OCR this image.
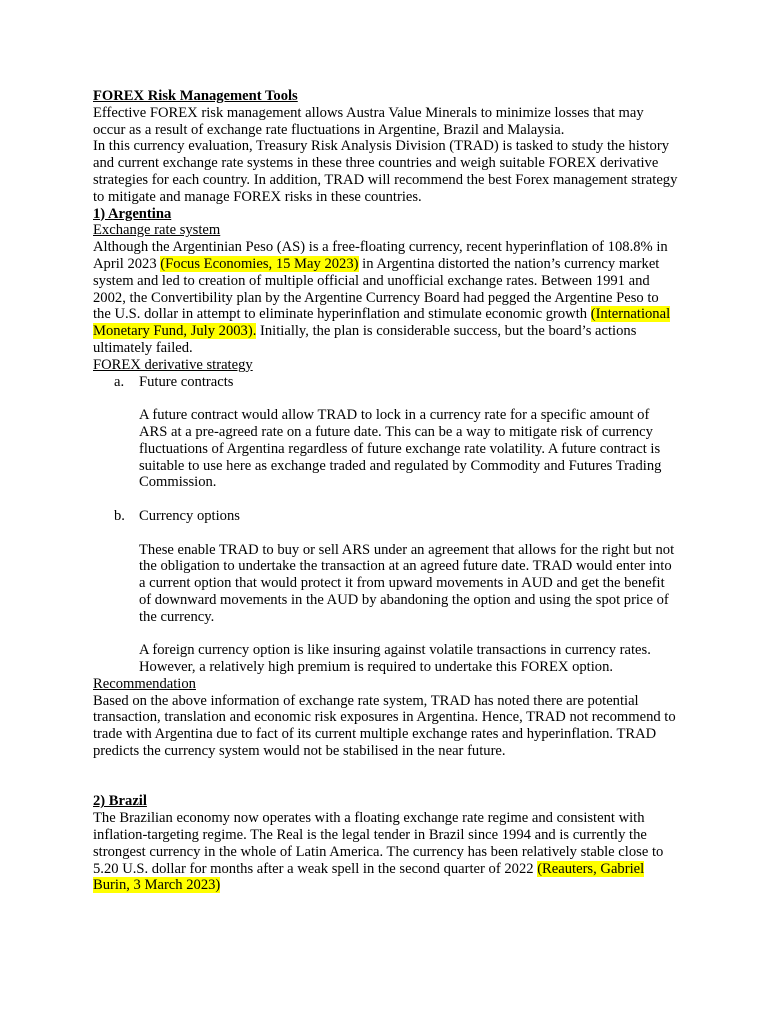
FOREX Risk Management Tools

Effective FOREX risk management allows Austra Value Minerals to minimize losses that may occur as a result of exchange rate fluctuations in Argentine, Brazil and Malaysia.

In this currency evaluation, Treasury Risk Analysis Division (TRAD) is tasked to study the history and current exchange rate systems in these three countries and weigh suitable FOREX derivative strategies for each country. In addition, TRAD will recommend the best Forex management strategy to mitigate and manage FOREX risks in these countries.

1) Argentina

Exchange rate system

Although the Argentinian Peso (AS) is a free-floating currency, recent hyperinflation of 108.8% in April 2023 (Focus Economies, 15 May 2023) in Argentina distorted the nation’s currency market system and led to creation of multiple official and unofficial exchange rates. Between 1991 and 2002, the Convertibility plan by the Argentine Currency Board had pegged the Argentine Peso to the U.S. dollar in attempt to eliminate hyperinflation and stimulate economic growth (International Monetary Fund, July 2003). Initially, the plan is considerable success, but the board’s actions ultimately failed.

FOREX derivative strategy

a.	Future contracts

A future contract would allow TRAD to lock in a currency rate for a specific amount of ARS at a pre-agreed rate on a future date. This can be a way to mitigate risk of currency fluctuations of Argentina regardless of future exchange rate volatility. A future contract is suitable to use here as exchange traded and regulated by Commodity and Futures Trading Commission.

b. Currency options

These enable TRAD to buy or sell ARS under an agreement that allows for the right but not the obligation to undertake the transaction at an agreed future date. TRAD would enter into a current option that would protect it from upward movements in AUD and get the benefit of downward movements in the AUD by abandoning the option and using the spot price of the currency.

A foreign currency option is like insuring against volatile transactions in currency rates. However, a relatively high premium is required to undertake this FOREX option.

Recommendation

Based on the above information of exchange rate system, TRAD has noted there are potential transaction, translation and economic risk exposures in Argentina. Hence, TRAD not recommend to trade with Argentina due to fact of its current multiple exchange rates and hyperinflation. TRAD predicts the currency system would not be stabilised in the near future.

2) Brazil

The Brazilian economy now operates with a floating exchange rate regime and consistent with inflation-targeting regime. The Real is the legal tender in Brazil since 1994 and is currently the strongest currency in the whole of Latin America. The currency has been relatively stable close to 5.20 U.S. dollar for months after a weak spell in the second quarter of 2022 (Reauters, Gabriel Burin, 3 March 2023)
